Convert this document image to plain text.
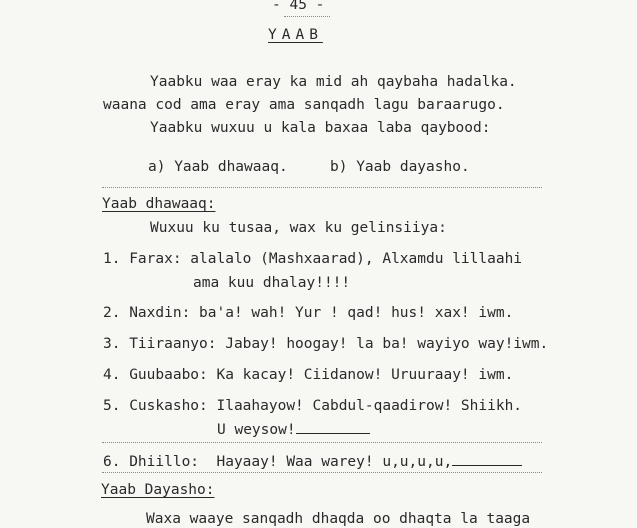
- 45 -
YAAB
Yaabku waa eray ka mid ah qaybaha hadalka.
waana cod ama eray ama sanqadh lagu baraarugo.
Yaabku wuxuu u kala baxaa laba qaybood:
a) Yaab dhawaaq.	b) Yaab dayasho.
Yaab dhawaaq:
Wuxuu ku tusaa, wax ku gelinsiiya:
1. Farax: alalalo (Mashxaarad), Alxamdu lillaahi
ama kuu dhalay!!!!
2. Naxdin: ba'a! wah! Yur ! qad! hus! xax! iwm.
3. Tiiraanyo: Jabay! hoogay! la ba! wayiyo way!iwm.
4. Guubaabo: Ka kacay! Ciidanow! Uruuraay! iwm.
5. Cuskasho: Ilaahayow! Cabdul-qaadirow! Shiikh.
U weysow!
6. Dhiillo:  Hayaay! Waa warey! u,u,u,u,
Yaab Dayasho:
Waxa waaye sanqadh dhaqda oo dhaqta la taaga
